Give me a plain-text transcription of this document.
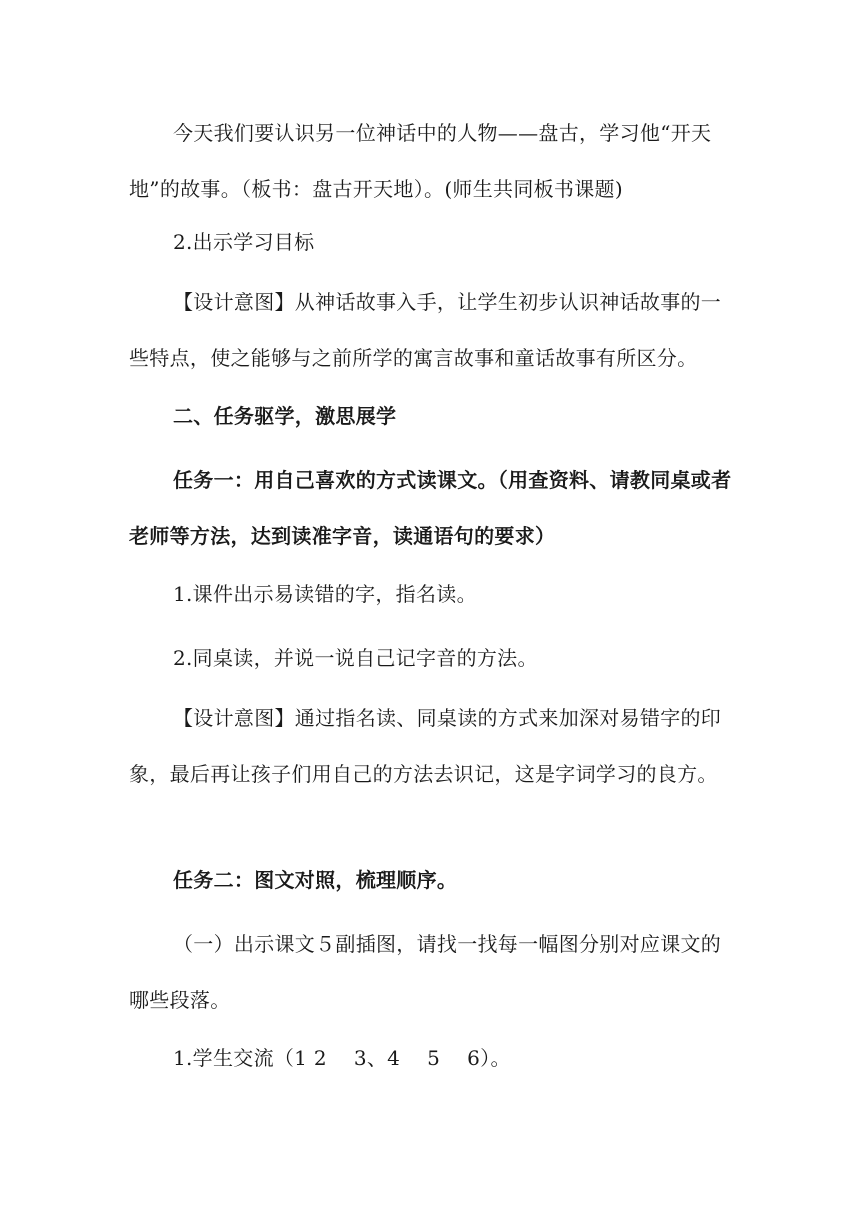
今天我们要认识另一位神话中的人物——盘古，学习他“开天地”的故事。（板书：盘古开天地）。(师生共同板书课题)

2.出示学习目标

【设计意图】从神话故事入手，让学生初步认识神话故事的一些特点，使之能够与之前所学的寓言故事和童话故事有所区分。

二、任务驱学，激思展学

任务一：用自己喜欢的方式读课文。（用查资料、请教同桌或者老师等方法，达到读准字音，读通语句的要求）

1.课件出示易读错的字，指名读。

2.同桌读，并说一说自己记字音的方法。

【设计意图】通过指名读、同桌读的方式来加深对易错字的印象，最后再让孩子们用自己的方法去识记，这是字词学习的良方。

任务二：图文对照，梳理顺序。

（一）出示课文５副插图，请找一找每一幅图分别对应课文的哪些段落。

1.学生交流（1 2　 3、4　 5　 6）。
